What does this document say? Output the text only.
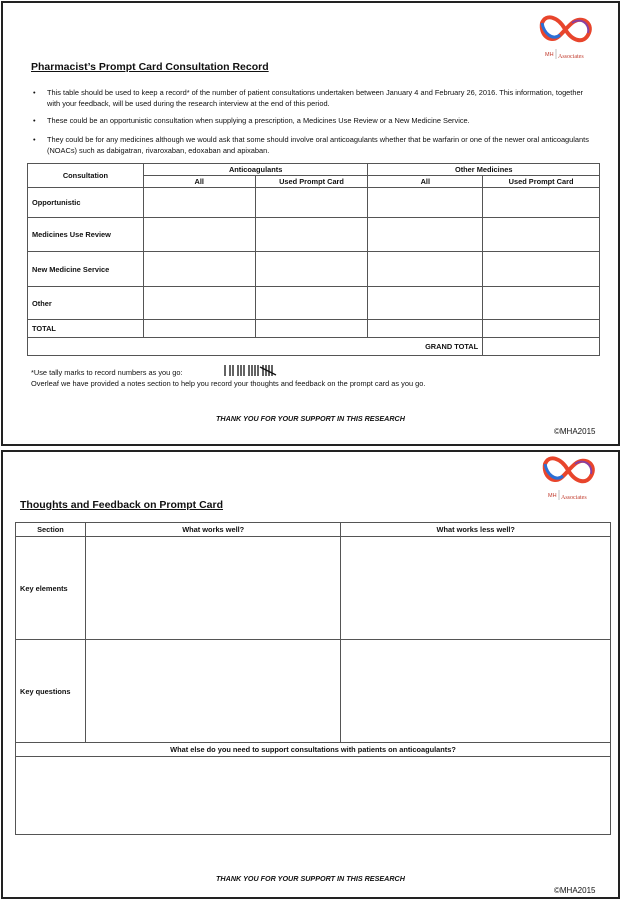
MH Associates
Pharmacist’s Prompt Card Consultation Record
•	This table should be used to keep a record* of the number of patient consultations undertaken between January 4 and February 26, 2016. This information, together with your feedback, will be used during the research interview at the end of this period.
•	These could be an opportunistic consultation when supplying a prescription, a Medicines Use Review or a New Medicine Service.
•	They could be for any medicines although we would ask that some should involve oral anticoagulants whether that be warfarin or one of the newer oral anticoagulants (NOACs) such as dabigatran, rivaroxaban, edoxaban and apixaban.
Consultation	Anticoagulants		Other Medicines	
	All	Used Prompt Card	All	Used Prompt Card
Opportunistic				
Medicines Use Review				
New Medicine Service				
Other				
TOTAL				
GRAND TOTAL				
*Use tally marks to record numbers as you go:
Overleaf we have provided a notes section to help you record your thoughts and feedback on the prompt card as you go.
THANK YOU FOR YOUR SUPPORT IN THIS RESEARCH
©MHA2015
MH Associates
Thoughts and Feedback on Prompt Card
Section	What works well?	What works less well?
Key elements		
Key questions		
What else do you need to support consultations with patients on anticoagulants?		

THANK YOU FOR YOUR SUPPORT IN THIS RESEARCH
©MHA2015
